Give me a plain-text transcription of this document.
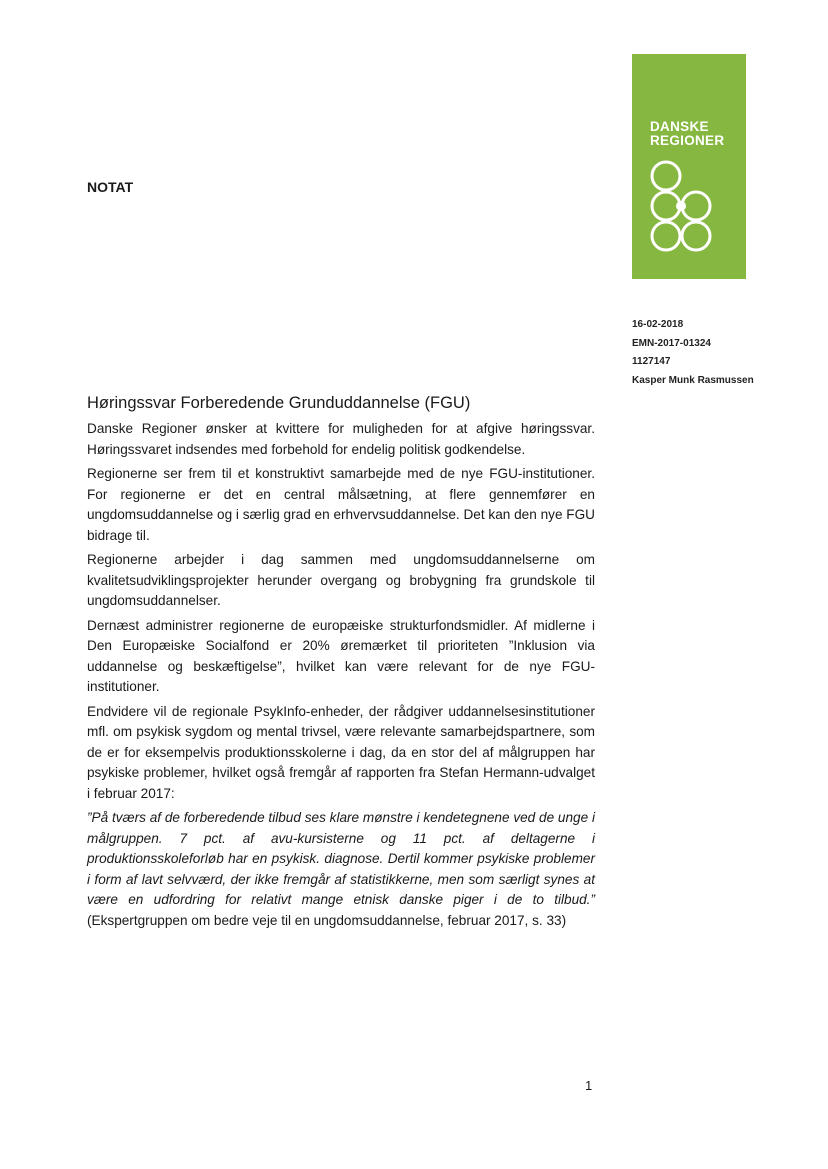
DANSKE
REGIONER
NOTAT
16-02-2018
EMN-2017-01324
1127147
Kasper Munk Rasmussen
Høringssvar Forberedende Grunduddannelse (FGU)

Danske Regioner ønsker at kvittere for muligheden for at afgive høringssvar. Høringssvaret indsendes med forbehold for endelig politisk godkendelse.

Regionerne ser frem til et konstruktivt samarbejde med de nye FGU-institutioner. For regionerne er det en central målsætning, at flere gennemfører en ungdomsuddannelse og i særlig grad en erhvervsuddannelse. Det kan den nye FGU bidrage til.

Regionerne arbejder i dag sammen med ungdomsuddannelserne om kvalitetsudviklingsprojekter herunder overgang og brobygning fra grundskole til ungdomsuddannelser.

Dernæst administrer regionerne de europæiske strukturfondsmidler. Af midlerne i Den Europæiske Socialfond er 20% øremærket til prioriteten ”Inklusion via uddannelse og beskæftigelse”, hvilket kan være relevant for de nye FGU-institutioner.

Endvidere vil de regionale PsykInfo-enheder, der rådgiver uddannelsesinstitutioner mfl. om psykisk sygdom og mental trivsel, være relevante samarbejdspartnere, som de er for eksempelvis produktionsskolerne i dag, da en stor del af målgruppen har psykiske problemer, hvilket også fremgår af rapporten fra Stefan Hermann-udvalget i februar 2017:

”På tværs af de forberedende tilbud ses klare mønstre i kendetegnene ved de unge i målgruppen. 7 pct. af avu-kursisterne og 11 pct. af deltagerne i produktionsskoleforløb har en psykisk. diagnose. Dertil kommer psykiske problemer i form af lavt selvværd, der ikke fremgår af statistikkerne, men som særligt synes at være en udfordring for relativt mange etnisk danske piger i de to tilbud.” (Ekspertgruppen om bedre veje til en ungdomsuddannelse, februar 2017, s. 33)

1
